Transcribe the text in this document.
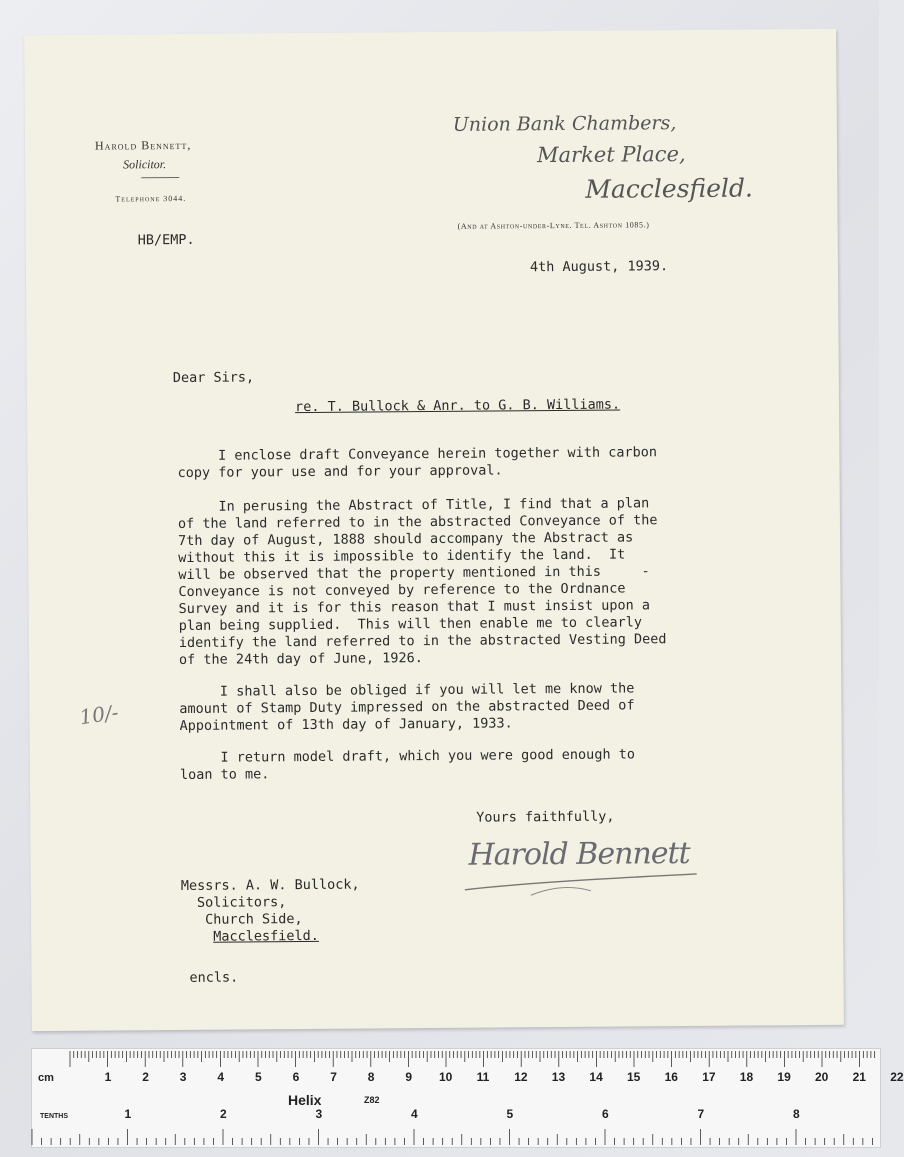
Harold Bennett,
Solicitor.
Telephone 3044.
Union Bank Chambers,
Market Place,
Macclesfield.
(And at Ashton-under-Lyne. Tel. Ashton 1085.)
HB/EMP.
4th August, 1939.
Dear Sirs,
re. T. Bullock & Anr. to G. B. Williams.
I enclose draft Conveyance herein together with carbon
copy for your use and for your approval.
In perusing the Abstract of Title, I find that a plan
of the land referred to in the abstracted Conveyance of the
7th day of August, 1888 should accompany the Abstract as
without this it is impossible to identify the land.  It
will be observed that the property mentioned in this     -
Conveyance is not conveyed by reference to the Ordnance
Survey and it is for this reason that I must insist upon a
plan being supplied.  This will then enable me to clearly
identify the land referred to in the abstracted Vesting Deed
of the 24th day of June, 1926.
I shall also be obliged if you will let me know the
amount of Stamp Duty impressed on the abstracted Deed of
Appointment of 13th day of January, 1933.
I return model draft, which you were good enough to
loan to me.
10/-
Yours faithfully,
Harold Bennett
Messrs. A. W. Bullock,
Solicitors,
Church Side,
Macclesfield.
encls.
cm
TENTHS
Helix	Z82
1	2	3	4	5	6	7	8	9 10 11 12 13 14 15 16 17 18 19 20 21 22
1	2	3	4	5	6	7	8
